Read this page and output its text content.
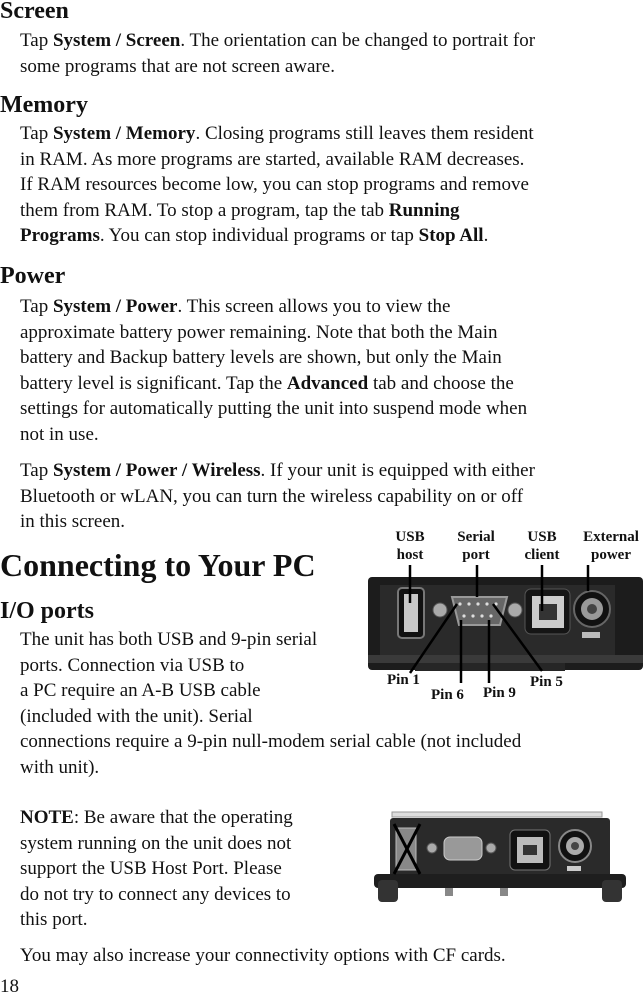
Screen
Tap System / Screen. The orientation can be changed to portrait for
some programs that are not screen aware.
Memory
Tap System / Memory. Closing programs still leaves them resident
in RAM. As more programs are started, available RAM decreases.
If RAM resources become low, you can stop programs and remove
them from RAM. To stop a program, tap the tab Running
Programs. You can stop individual programs or tap Stop All.
Power
Tap System / Power. This screen allows you to view the
approximate battery power remaining. Note that both the Main
battery and Backup battery levels are shown, but only the Main
battery level is significant. Tap the Advanced tab and choose the
settings for automatically putting the unit into suspend mode when
not in use.
Tap System / Power / Wireless. If your unit is equipped with either
Bluetooth or wLAN, you can turn the wireless capability on or off
in this screen.
Connecting to Your PC
I/O ports
The unit has both USB and 9-pin serial
ports. Connection via USB to
a PC require an A-B USB cable
(included with the unit). Serial
connections require a 9-pin null-modem serial cable (not included
with unit).
USB
host
Serial
port
USB
client
External
power
Pin 1
Pin 6 Pin 9
Pin 5
NOTE: Be aware that the operating
system running on the unit does not
support the USB Host Port. Please
do not try to connect any devices to
this port.
You may also increase your connectivity options with CF cards.
18
